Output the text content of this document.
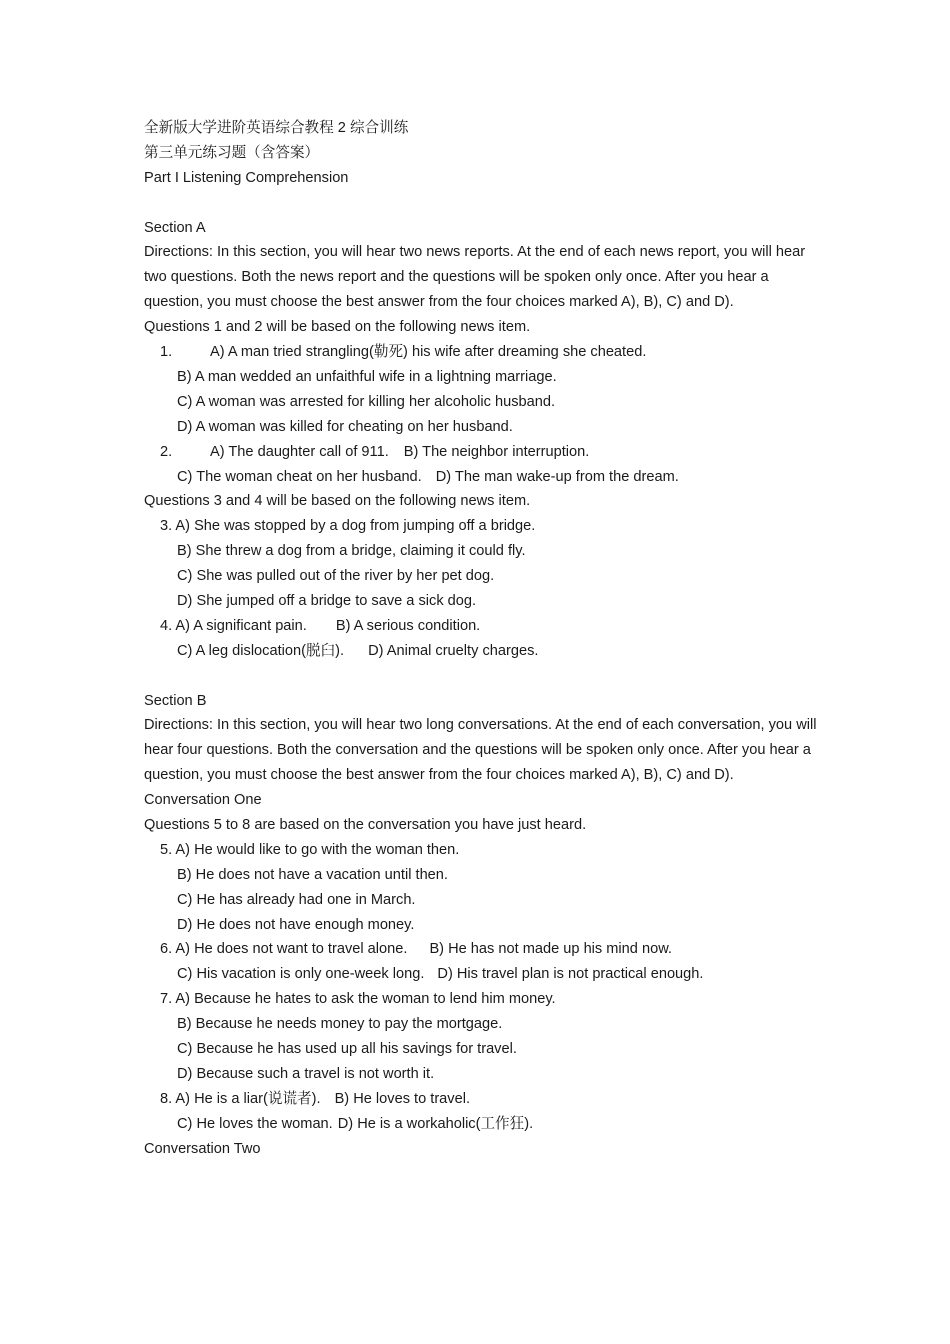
全新版大学进阶英语综合教程 2 综合训练
第三单元练习题（含答案）
Part I Listening Comprehension
Section A
Directions: In this section, you will hear two news reports. At the end of each news report, you will hear two questions. Both the news report and the questions will be spoken only once. After you hear a question, you must choose the best answer from the four choices marked A), B), C) and D).
Questions 1 and 2 will be based on the following news item.
1.	A) A man tried strangling(勒死) his wife after dreaming she cheated.
B) A man wedded an unfaithful wife in a lightning marriage.
C) A woman was arrested for killing her alcoholic husband.
D) A woman was killed for cheating on her husband.
2.	A) The daughter call of 911. B) The neighbor interruption.
C) The woman cheat on her husband. D) The man wake-up from the dream.
Questions 3 and 4 will be based on the following news item.
3. A) She was stopped by a dog from jumping off a bridge.
B) She threw a dog from a bridge, claiming it could fly.
C) She was pulled out of the river by her pet dog.
D) She jumped off a bridge to save a sick dog.
4. A) A significant pain. B) A serious condition.
C) A leg dislocation(脱臼). D) Animal cruelty charges.
Section B
Directions: In this section, you will hear two long conversations. At the end of each conversation, you will hear four questions. Both the conversation and the questions will be spoken only once. After you hear a question, you must choose the best answer from the four choices marked A), B), C) and D).
Conversation One
Questions 5 to 8 are based on the conversation you have just heard.
5. A) He would like to go with the woman then.
B) He does not have a vacation until then.
C) He has already had one in March.
D) He does not have enough money.
6. A) He does not want to travel alone. B) He has not made up his mind now.
C) His vacation is only one-week long. D) His travel plan is not practical enough.
7. A) Because he hates to ask the woman to lend him money.
B) Because he needs money to pay the mortgage.
C) Because he has used up all his savings for travel.
D) Because such a travel is not worth it.
8. A) He is a liar(说谎者). B) He loves to travel.
C) He loves the woman. D) He is a workaholic(工作狂).
Conversation Two
